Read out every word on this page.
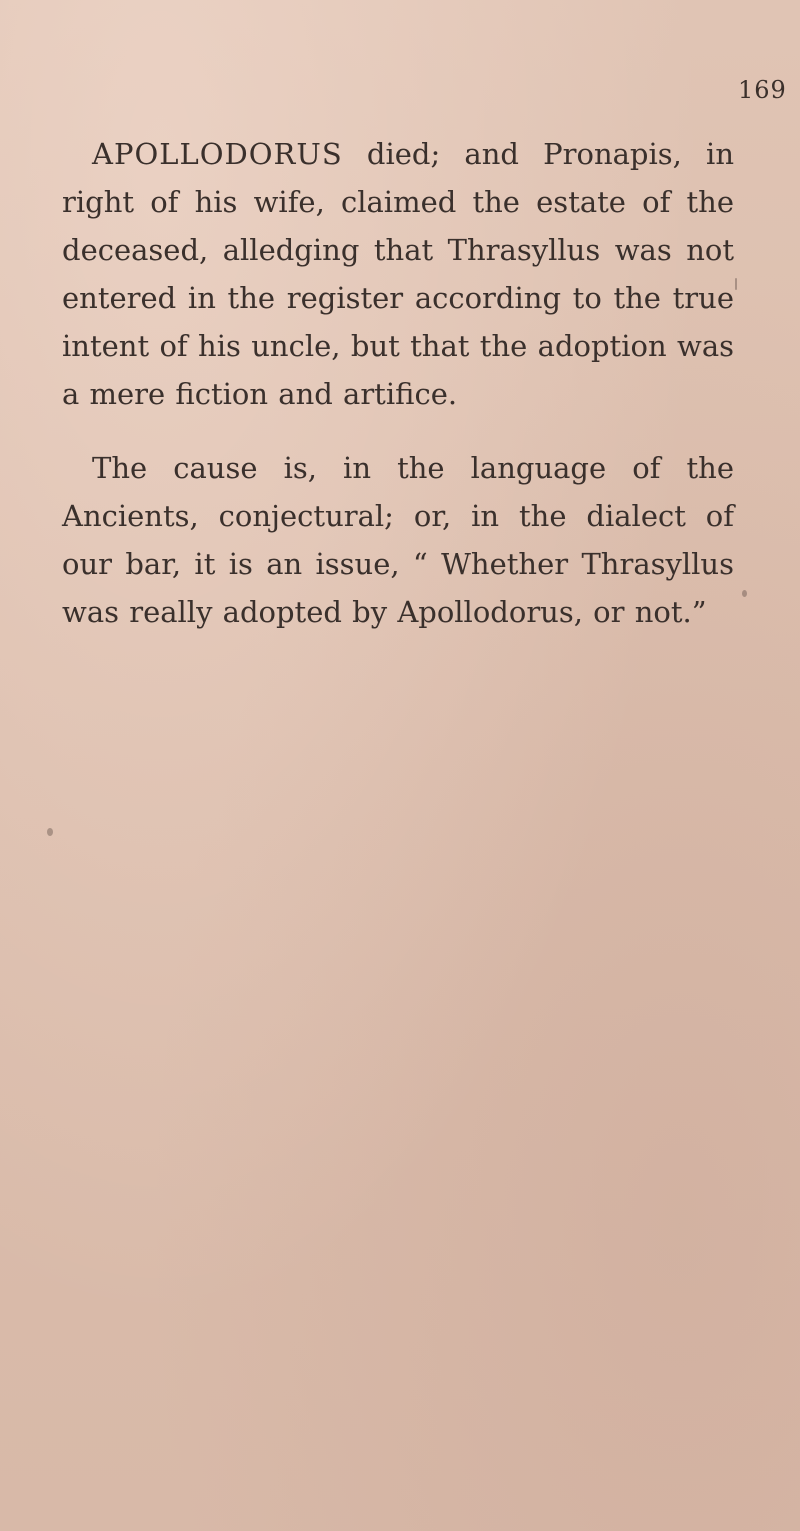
169

APOLLODORUS died; and Pronapis, in right of his wife, claimed the estate of the deceased, alledging that Thrasyllus was not entered in the register according to the true intent of his uncle, but that the adoption was a mere fiction and artifice.

The cause is, in the language of the Ancients, conjectural; or, in the dialect of our bar, it is an issue, “ Whether Thrasyllus was really adopted by Apollodorus, or not.”
